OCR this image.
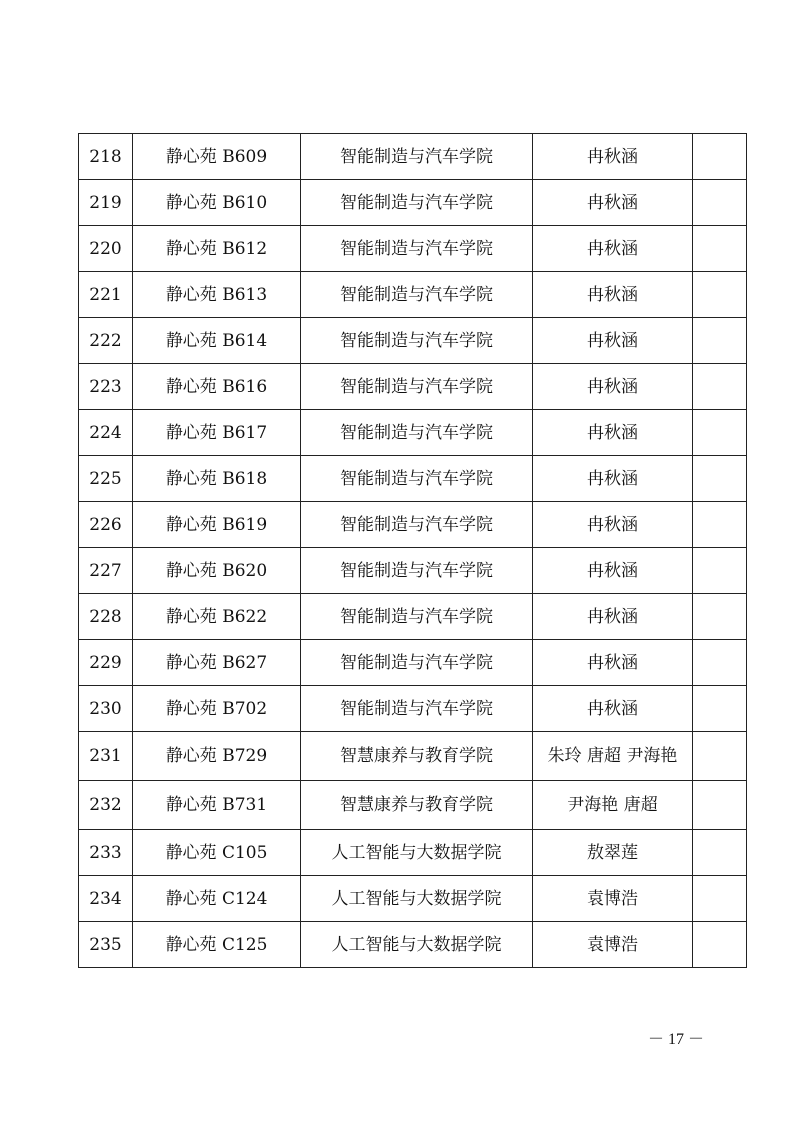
218	静心苑 B609	智能制造与汽车学院	冉秋涵	
219	静心苑 B610	智能制造与汽车学院	冉秋涵	
220	静心苑 B612	智能制造与汽车学院	冉秋涵	
221	静心苑 B613	智能制造与汽车学院	冉秋涵	
222	静心苑 B614	智能制造与汽车学院	冉秋涵	
223	静心苑 B616	智能制造与汽车学院	冉秋涵	
224	静心苑 B617	智能制造与汽车学院	冉秋涵	
225	静心苑 B618	智能制造与汽车学院	冉秋涵	
226	静心苑 B619	智能制造与汽车学院	冉秋涵	
227	静心苑 B620	智能制造与汽车学院	冉秋涵	
228	静心苑 B622	智能制造与汽车学院	冉秋涵	
229	静心苑 B627	智能制造与汽车学院	冉秋涵	
230	静心苑 B702	智能制造与汽车学院	冉秋涵	
231	静心苑 B729	智慧康养与教育学院	朱玲 唐超 尹海艳	
232	静心苑 B731	智慧康养与教育学院	尹海艳 唐超	
233	静心苑 C105	人工智能与大数据学院	敖翠莲	
234	静心苑 C124	人工智能与大数据学院	袁博浩	
235	静心苑 C125	人工智能与大数据学院	袁博浩	
－ 17 －
